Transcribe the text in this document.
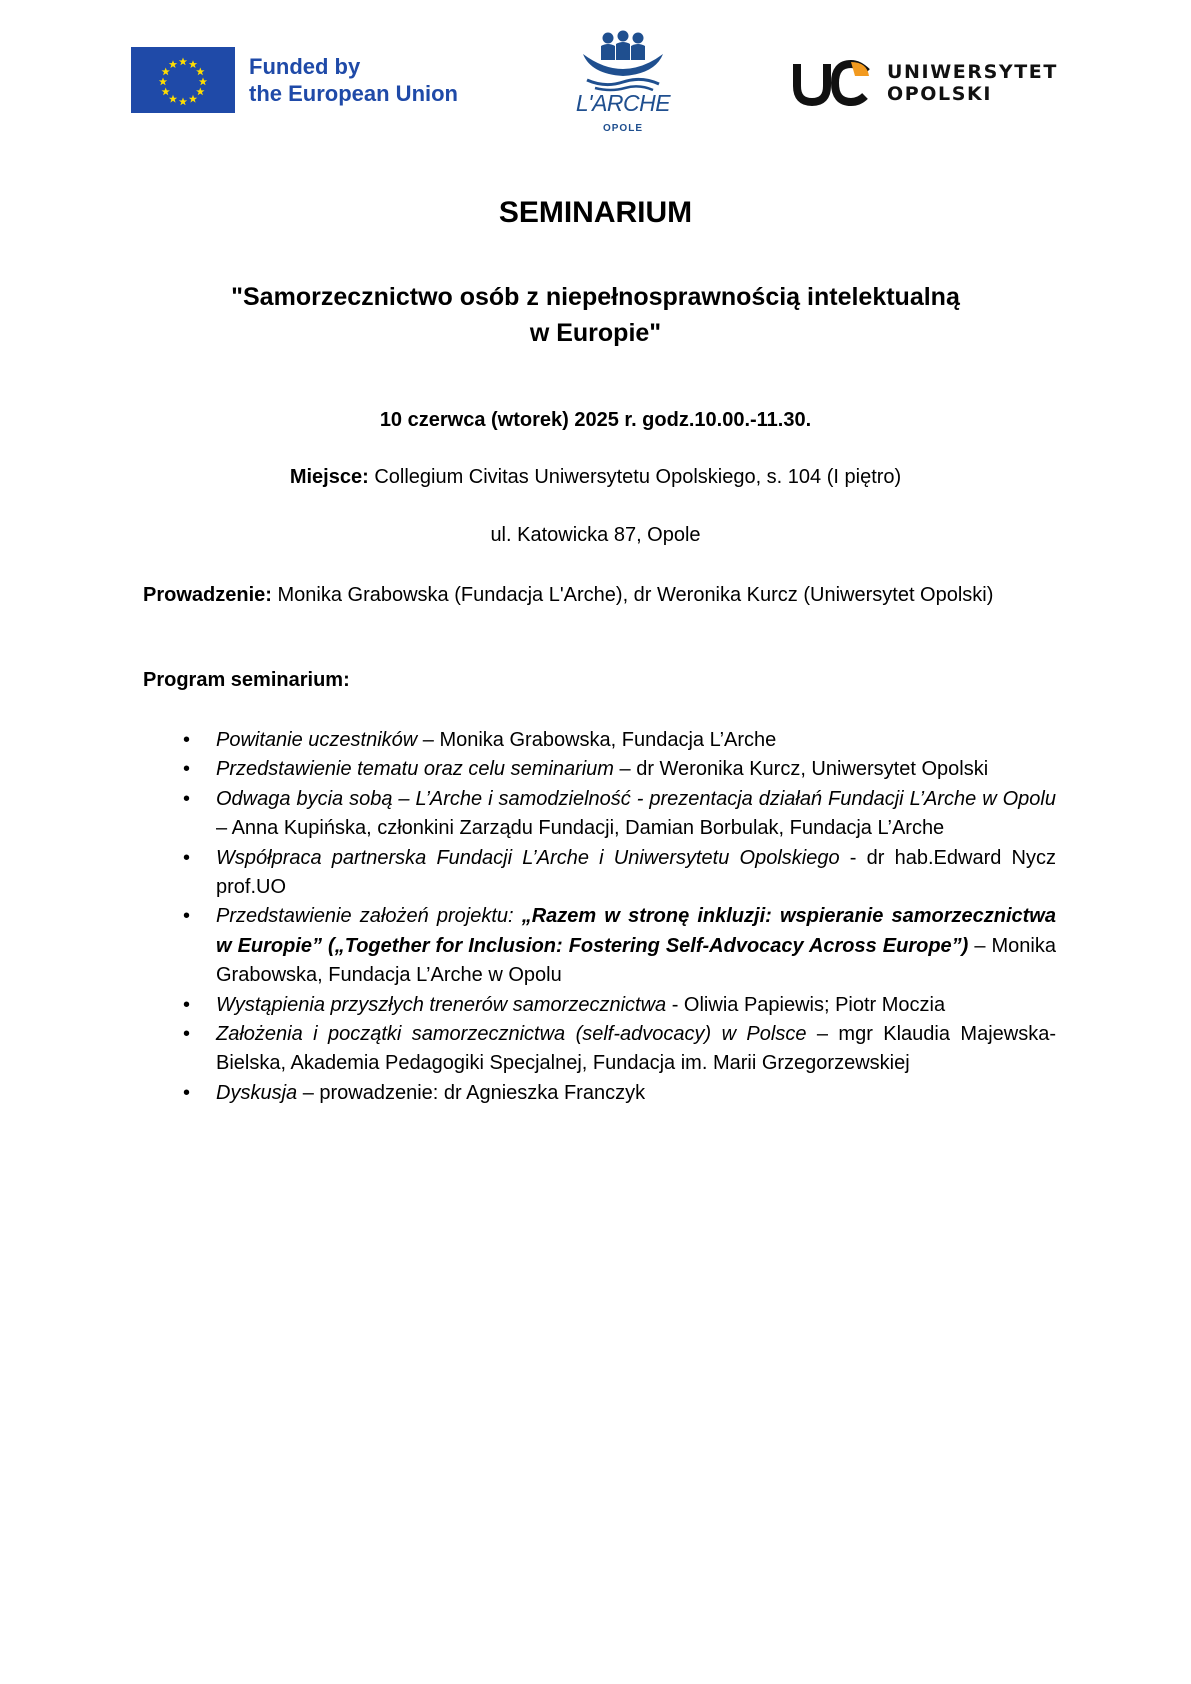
Funded by
the European Union	L'ARCHE
OPOLE
UNIWERSYTET
OPOLSKI
SEMINARIUM
"Samorzecznictwo osób z niepełnosprawnością intelektualną
w Europie"
10 czerwca (wtorek) 2025 r. godz.10.00.-11.30.
Miejsce: Collegium Civitas Uniwersytetu Opolskiego, s. 104 (I piętro)
ul. Katowicka 87, Opole
Prowadzenie: Monika Grabowska (Fundacja L'Arche), dr Weronika Kurcz (Uniwersytet Opolski)
Program seminarium:
• Powitanie uczestników – Monika Grabowska, Fundacja L’Arche
• Przedstawienie tematu oraz celu seminarium – dr Weronika Kurcz, Uniwersytet Opolski
• Odwaga bycia sobą – L’Arche i samodzielność - prezentacja działań Fundacji L’Arche w Opolu – Anna Kupińska, członkini Zarządu Fundacji, Damian Borbulak, Fundacja L’Arche
• Współpraca partnerska Fundacji L’Arche i Uniwersytetu Opolskiego - dr hab.Edward Nycz prof.UO
• Przedstawienie założeń projektu: „Razem w stronę inkluzji: wspieranie samorzecznictwa w Europie” („Together for Inclusion: Fostering Self-Advocacy Across Europe”) – Monika Grabowska, Fundacja L’Arche w Opolu
• Wystąpienia przyszłych trenerów samorzecznictwa - Oliwia Papiewis; Piotr Moczia
• Założenia i początki samorzecznictwa (self-advocacy) w Polsce – mgr Klaudia Majewska-Bielska, Akademia Pedagogiki Specjalnej, Fundacja im. Marii Grzegorzewskiej
• Dyskusja – prowadzenie: dr Agnieszka Franczyk
